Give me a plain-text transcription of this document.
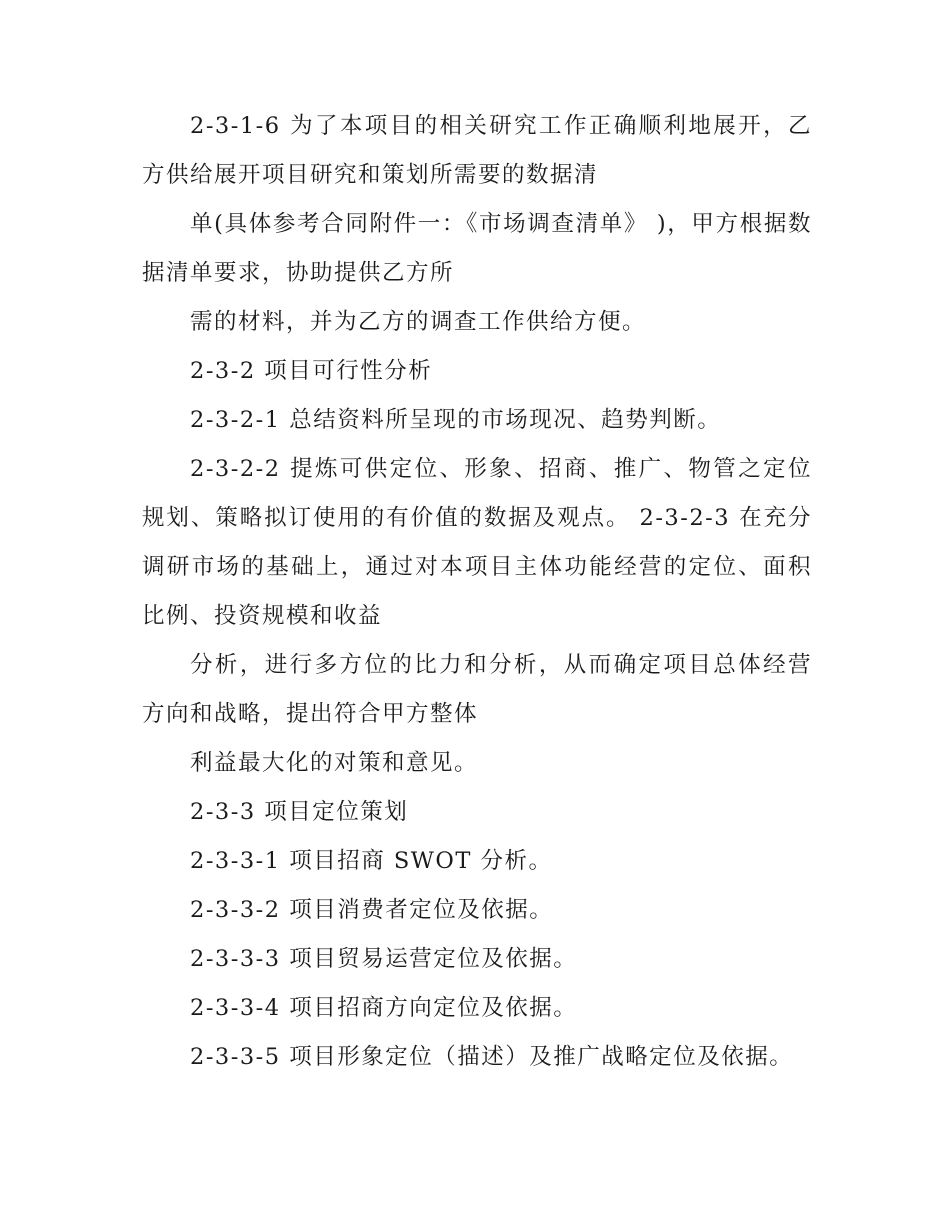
2-3-1-6 为了本项目的相关研究工作正确顺利地展开，乙方供给展开项目研究和策划所需要的数据清

单(具体参考合同附件一：《市场调查清单》 )，甲方根据数据清单要求，协助提供乙方所

需的材料，并为乙方的调查工作供给方便。

2-3-2 项目可行性分析

2-3-2-1 总结资料所呈现的市场现况、趋势判断。

2-3-2-2 提炼可供定位、形象、招商、推广、物管之定位规划、策略拟订使用的有价值的数据及观点。 2-3-2-3 在充分调研市场的基础上，通过对本项目主体功能经营的定位、面积比例、投资规模和收益

分析，进行多方位的比力和分析，从而确定项目总体经营方向和战略，提出符合甲方整体

利益最大化的对策和意见。

2-3-3 项目定位策划

2-3-3-1 项目招商 SWOT 分析。

2-3-3-2 项目消费者定位及依据。

2-3-3-3 项目贸易运营定位及依据。

2-3-3-4 项目招商方向定位及依据。

2-3-3-5 项目形象定位（描述）及推广战略定位及依据。
